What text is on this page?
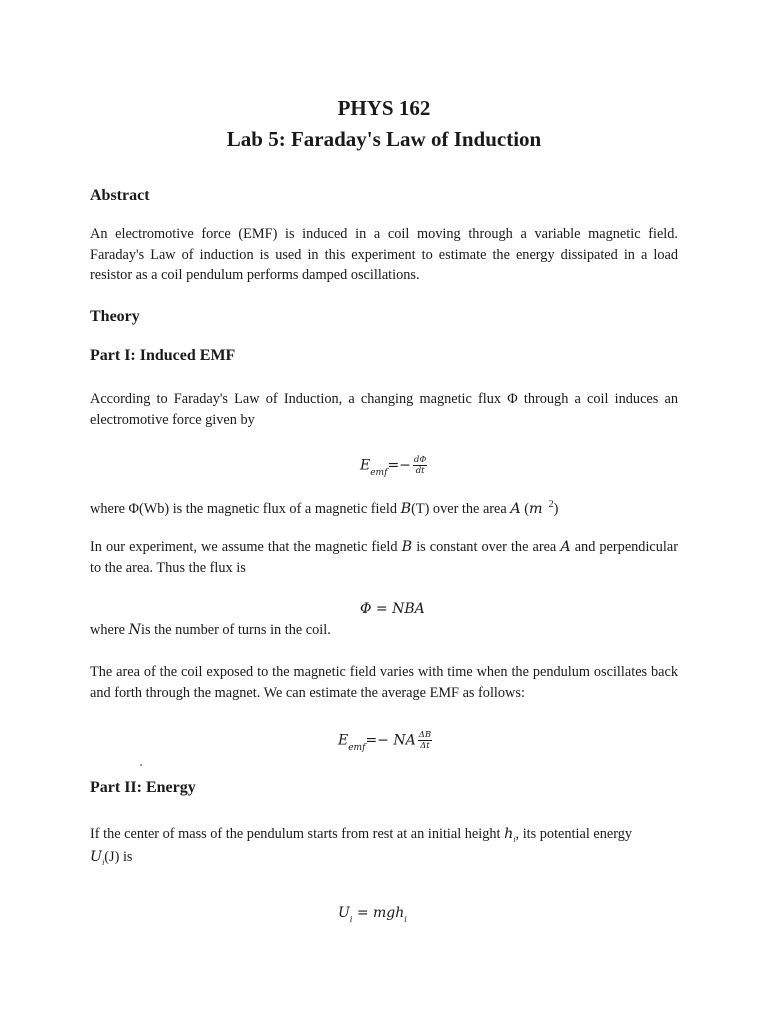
PHYS 162
Lab 5: Faraday's Law of Induction
Abstract
An electromotive force (EMF) is induced in a coil moving through a variable magnetic field. Faraday's Law of induction is used in this experiment to estimate the energy dissipated in a load resistor as a coil pendulum performs damped oscillations.
Theory
Part I: Induced EMF
According to Faraday's Law of Induction, a changing magnetic flux Φ through a coil induces an electromotive force given by
$E_{emf}=- \frac{d\Phi}{dt}$
where Φ(Wb) is the magnetic flux of a magnetic field B(T) over the area A (m $^2$)
In our experiment, we assume that the magnetic field B is constant over the area A and perpendicular to the area. Thus the flux is
Φ = NBA
where Nis the number of turns in the coil.
The area of the coil exposed to the magnetic field varies with time when the pendulum oscillates back and forth through the magnet. We can estimate the average EMF as follows:
$E_{emf}=-$ NA $\frac{\Delta B}{\Delta t}$
Part II: Energy
If the center of mass of the pendulum starts from rest at an initial height $h_i$, its potential energy
$U_i(J)$ is
$U_i = mgh_i$
